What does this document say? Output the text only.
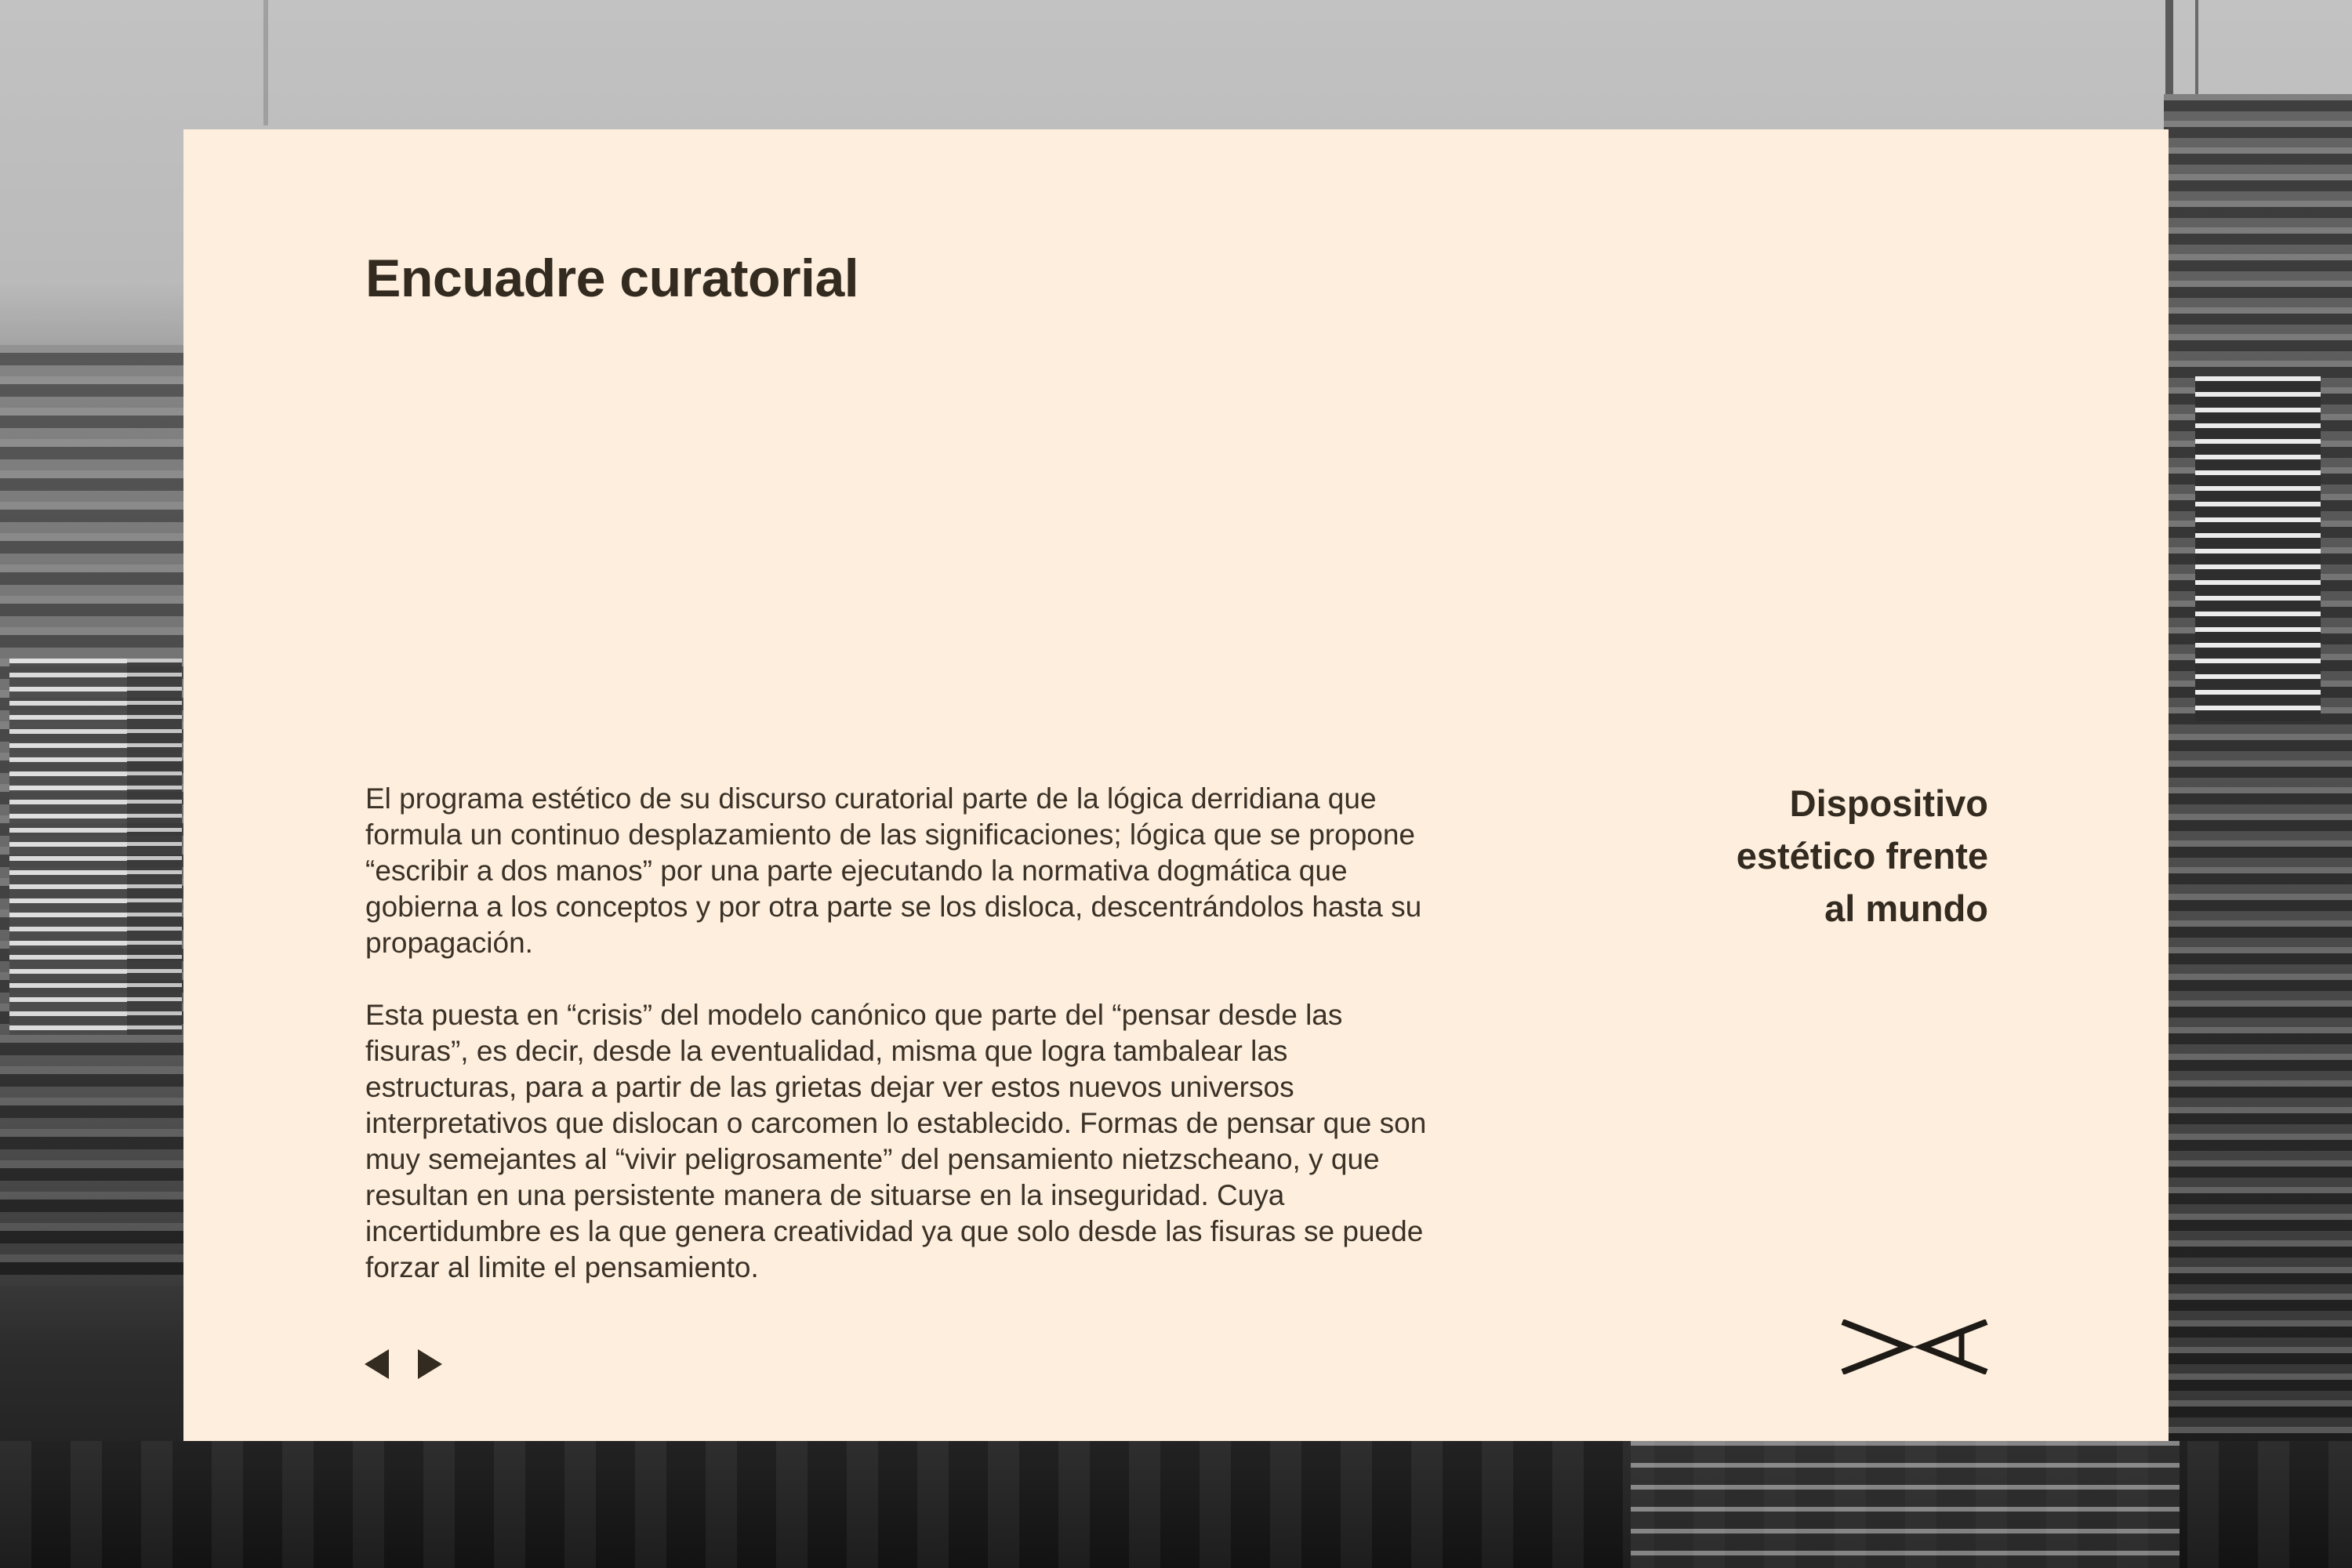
Encuadre curatorial

El programa estético de su discurso curatorial parte de la lógica derridiana que formula un continuo desplazamiento de las significaciones; lógica que se propone “escribir a dos manos” por una parte ejecutando la normativa dogmática que gobierna a los conceptos y por otra parte se los disloca, descentrándolos hasta su propagación.

Esta puesta en “crisis” del modelo canónico que parte del “pensar desde las fisuras”, es decir, desde la eventualidad, misma que logra tambalear las estructuras, para a partir de las grietas dejar ver estos nuevos universos interpretativos que dislocan o carcomen lo establecido. Formas de pensar que son muy semejantes al “vivir peligrosamente” del pensamiento nietzscheano, y que resultan en una persistente manera de situarse en la inseguridad. Cuya incertidumbre es la que genera creatividad ya que solo desde las fisuras se puede forzar al limite el pensamiento.

Dispositivo
estético frente
al mundo
